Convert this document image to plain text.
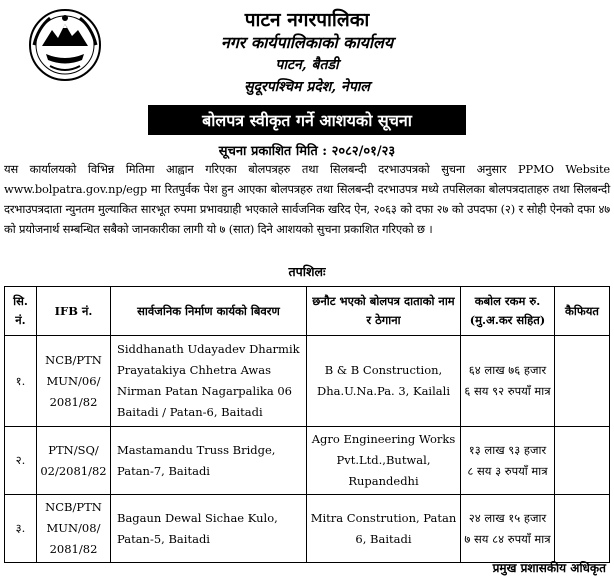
पाटन नगरपालिका
नगर कार्यपालिकाको कार्यालय
पाटन, बैतडी
सुदूरपश्चिम प्रदेश, नेपाल
बोलपत्र स्वीकृत गर्ने आशयको सूचना
सूचना प्रकाशित मिति : २०८२/०१/२३

यस कार्यालयको विभिन्न मितिमा आह्वान गरिएका बोलपत्रहरु तथा सिलबन्दी दरभाउपत्रको सुचना अनुसार PPMO Website www.bolpatra.gov.np/egp मा रितपुर्वक पेश हुन आएका बोलपत्रहरु तथा सिलबन्दी दरभाउपत्र मध्ये तपसिलका बोलपत्रदाताहरु तथा सिलबन्दी दरभाउपत्रदाता न्युनतम मुल्याकित सारभूत रुपमा प्रभावग्राही भएकाले सार्वजनिक खरिद ऐन, २०६३ को दफा २७ को उपदफा (२) र सोही ऐनको दफा ४७ को प्रयोजनार्थ सम्बन्धित सबैको जानकारीका लागी यो ७ (सात) दिने आशयको सुचना प्रकाशित गरिएको छ ।

तपशिलः
सि. नं.	IFB नं.	सार्वजनिक निर्माण कार्यको बिवरण	छनौट भएको बोलपत्र दाताको नाम र ठेगाना	कबोल रकम रु. (मु.अ.कर सहित)	कैफियत
१.	NCB/PTN MUN/06/ 2081/82	Siddhanath Udayadev Dharmik Prayatakiya Chhetra Awas Nirman Patan Nagarpalika 06 Baitadi / Patan-6, Baitadi	B & B Construction, Dha.U.Na.Pa. 3, Kailali	६४ लाख ७६ हजार ६ सय ९२ रुपयाँ मात्र	
२.	PTN/SQ/ 02/2081/82	Mastamandu Truss Bridge, Patan-7, Baitadi	Agro Engineering Works Pvt.Ltd.,Butwal, Rupandedhi	१३ लाख ९३ हजार ८ सय ३ रुपयाँ मात्र	
३.	NCB/PTN MUN/08/ 2081/82	Bagaun Dewal Sichae Kulo, Patan-5, Baitadi	Mitra Constrution, Patan 6, Baitadi	२४ लाख १५ हजार ७ सय ८४ रुपयाँ मात्र	
प्रमुख प्रशासकीय अधिकृत
